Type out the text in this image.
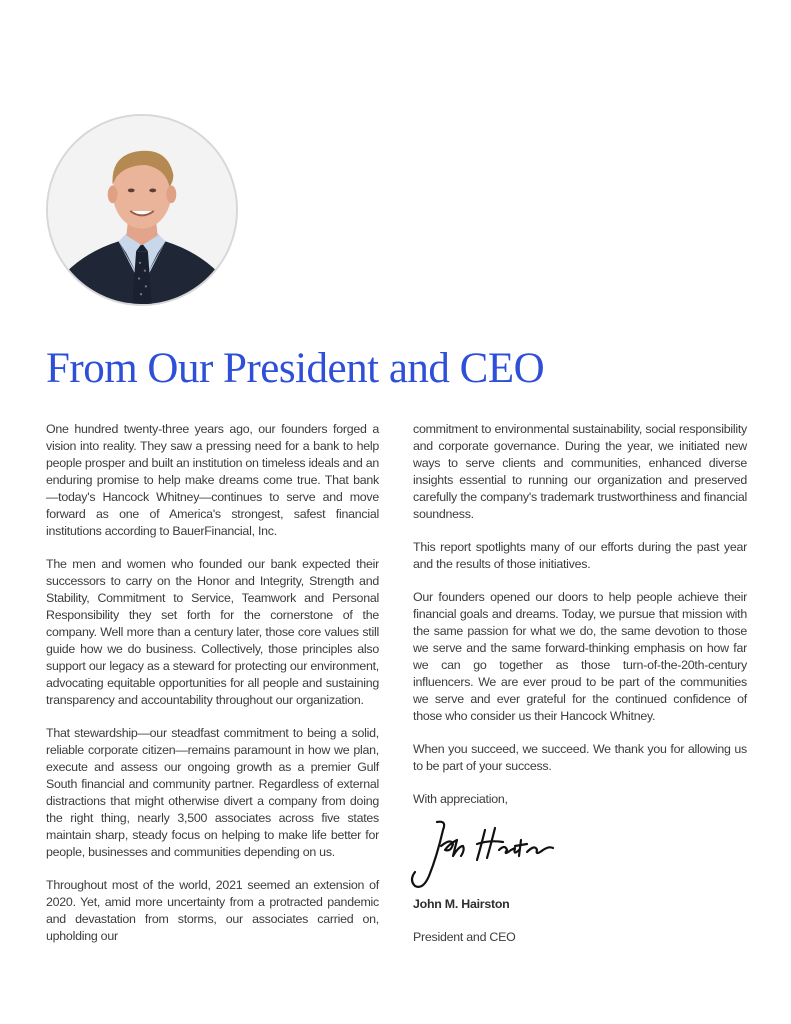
From Our President and CEO

One hundred twenty-three years ago, our founders forged a vision into reality. They saw a pressing need for a bank to help people prosper and built an institution on timeless ideals and an enduring promise to help make dreams come true. That bank—today's Hancock Whitney—continues to serve and move forward as one of America's strongest, safest financial institutions according to BauerFinancial, Inc.

The men and women who founded our bank expected their successors to carry on the Honor and Integrity, Strength and Stability, Commitment to Service, Teamwork and Personal Responsibility they set forth for the cornerstone of the company. Well more than a century later, those core values still guide how we do business. Collectively, those principles also support our legacy as a steward for protecting our environment, advocating equitable opportunities for all people and sustaining transparency and accountability throughout our organization.

That stewardship—our steadfast commitment to being a solid, reliable corporate citizen—remains paramount in how we plan, execute and assess our ongoing growth as a premier Gulf South financial and community partner. Regardless of external distractions that might otherwise divert a company from doing the right thing, nearly 3,500 associates across five states maintain sharp, steady focus on helping to make life better for people, businesses and communities depending on us.

Throughout most of the world, 2021 seemed an extension of 2020. Yet, amid more uncertainty from a protracted pandemic and devastation from storms, our associates carried on, upholding our

commitment to environmental sustainability, social responsibility and corporate governance. During the year, we initiated new ways to serve clients and communities, enhanced diverse insights essential to running our organization and preserved carefully the company's trademark trustworthiness and financial soundness.

This report spotlights many of our efforts during the past year and the results of those initiatives.

Our founders opened our doors to help people achieve their financial goals and dreams. Today, we pursue that mission with the same passion for what we do, the same devotion to those we serve and the same forward-thinking emphasis on how far we can go together as those turn-of-the-20th-century influencers. We are ever proud to be part of the communities we serve and ever grateful for the continued confidence of those who consider us their Hancock Whitney.

When you succeed, we succeed. We thank you for allowing us to be part of your success.

With appreciation,

John M. Hairston

President and CEO
